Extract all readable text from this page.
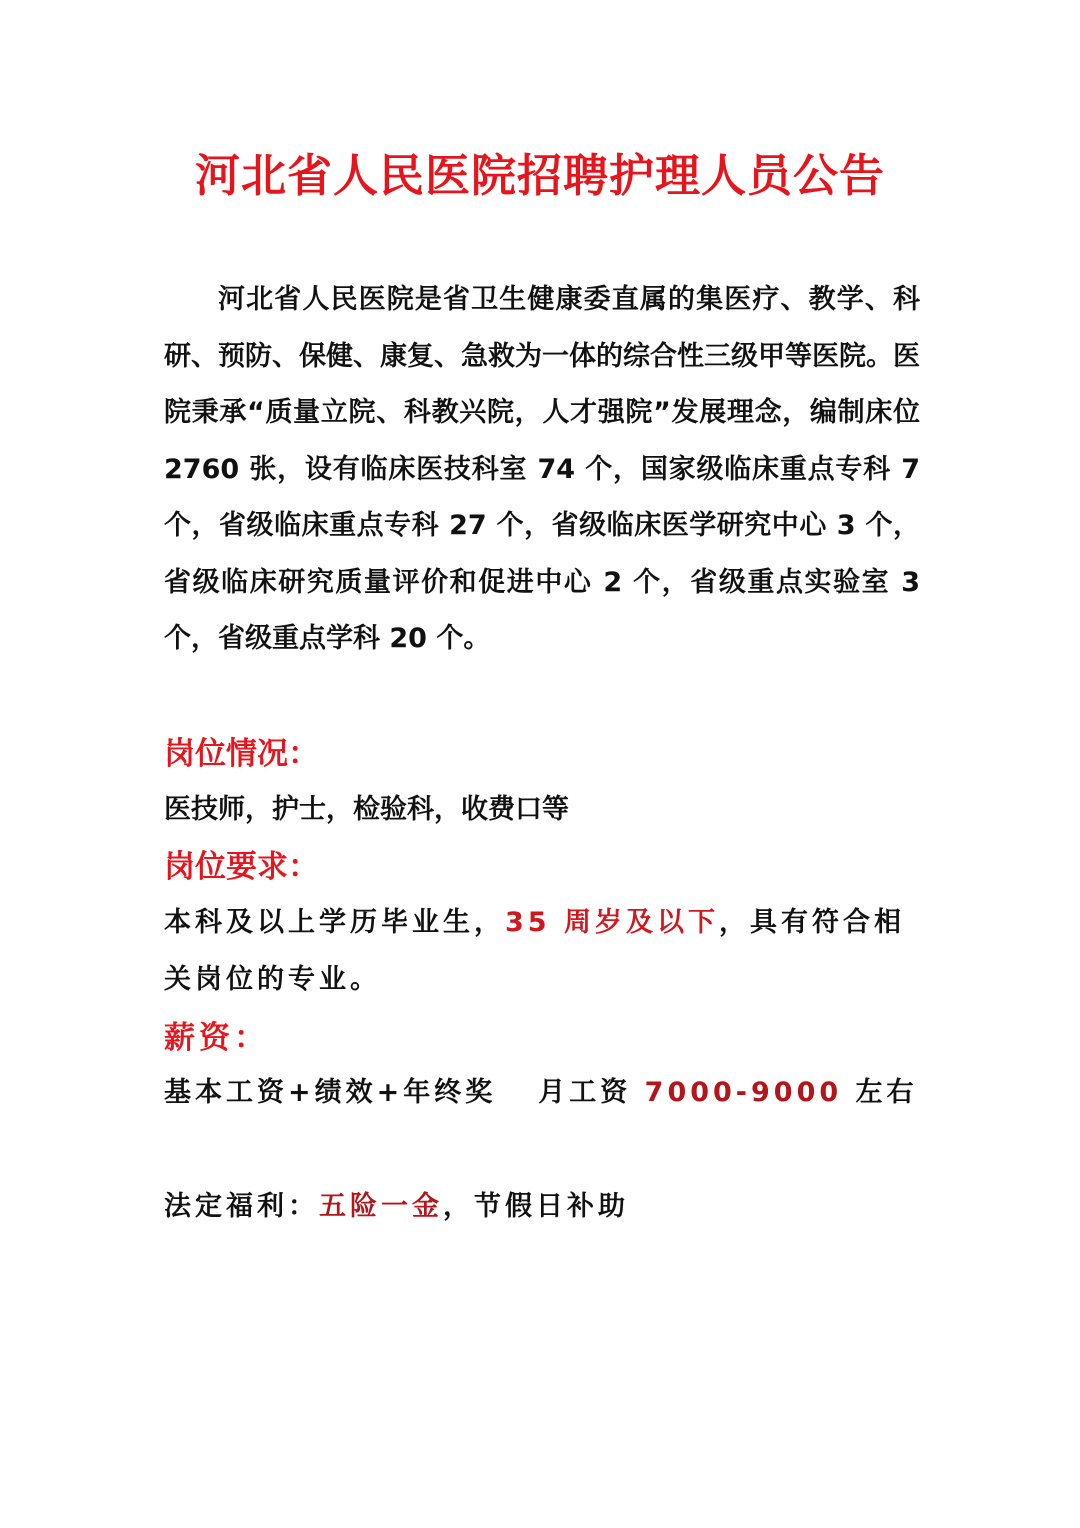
河北省人民医院招聘护理人员公告

河北省人民医院是省卫生健康委直属的集医疗、教学、科研、预防、保健、康复、急救为一体的综合性三级甲等医院。医院秉承“质量立院、科教兴院，人才强院”发展理念，编制床位 2760 张，设有临床医技科室 74 个，国家级临床重点专科 7 个，省级临床重点专科 27 个，省级临床医学研究中心 3 个，省级临床研究质量评价和促进中心 2 个，省级重点实验室 3 个，省级重点学科 20 个。

岗位情况：

医技师，护士，检验科，收费口等

岗位要求：

本科及以上学历毕业生，35 周岁及以下，具有符合相关岗位的专业。

薪资：

基本工资+绩效+年终奖 月工资 7000-9000 左右

法定福利：五险一金，节假日补助
